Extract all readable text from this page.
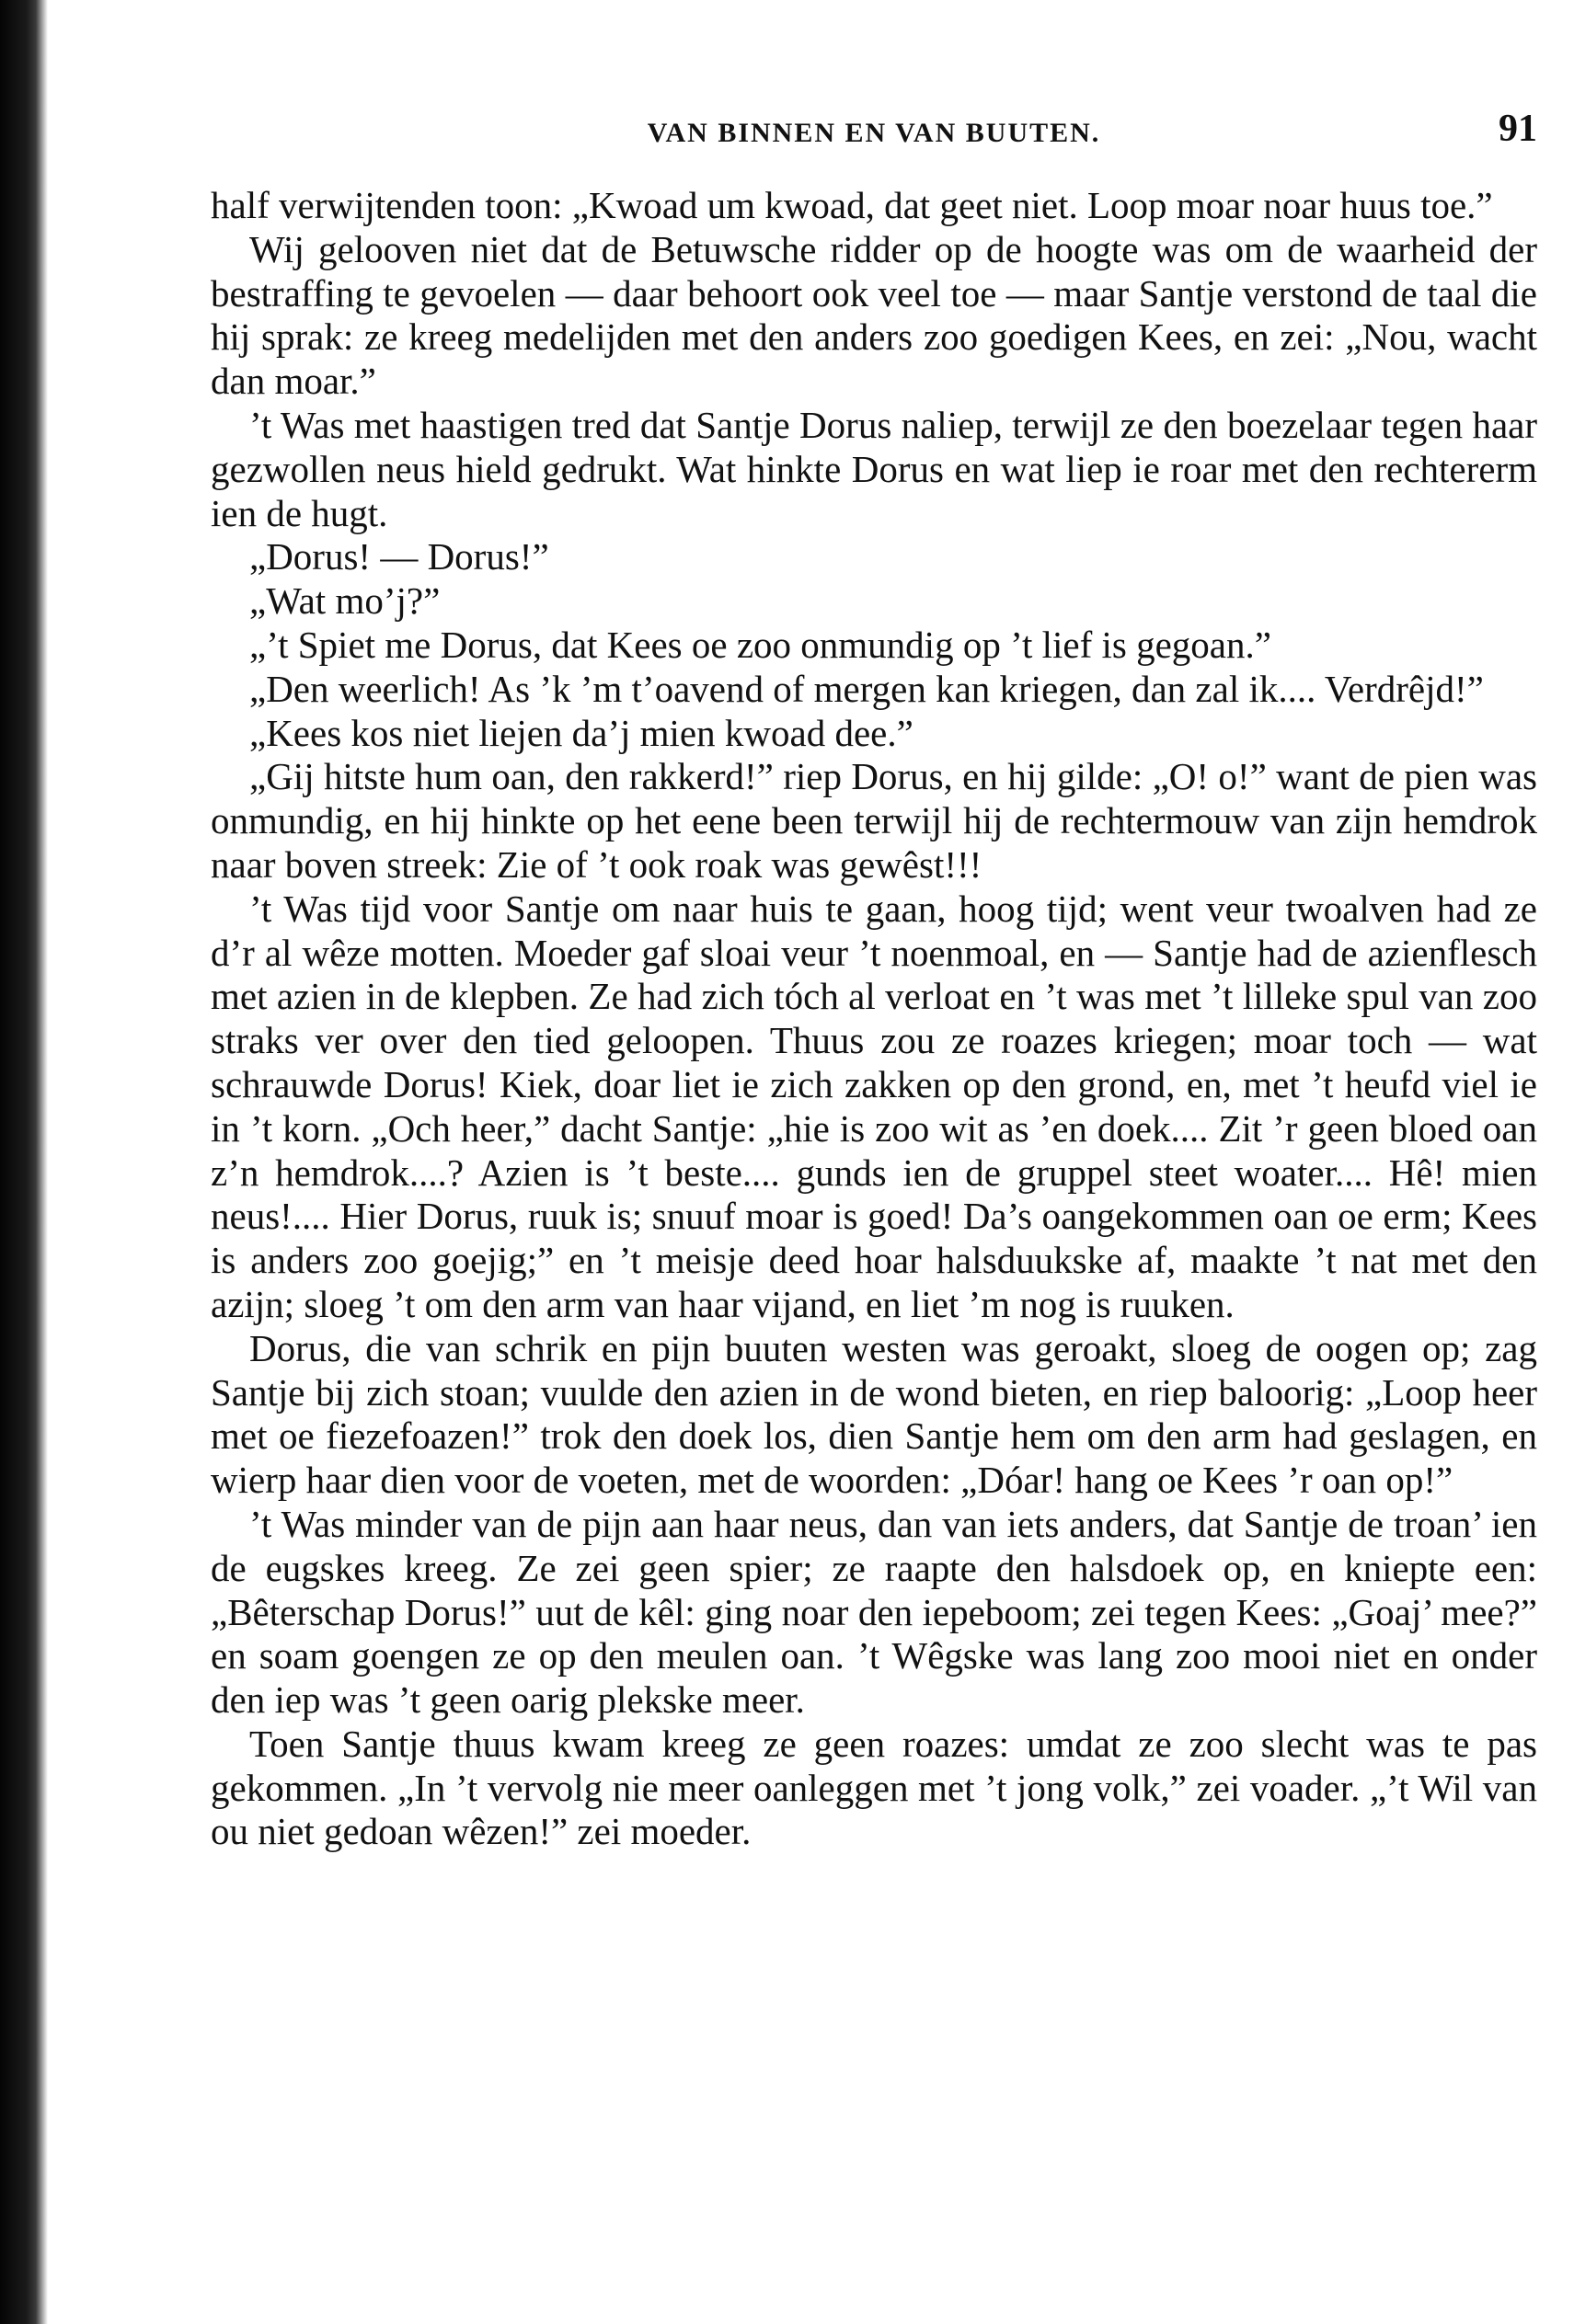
VAN BINNEN EN VAN BUUTEN.	91

half verwijtenden toon: „Kwoad um kwoad, dat geet niet. Loop moar noar huus toe.”

Wij gelooven niet dat de Betuwsche ridder op de hoogte was om de waarheid der bestraffing te gevoelen — daar behoort ook veel toe — maar Santje verstond de taal die hij sprak: ze kreeg medelijden met den anders zoo goedigen Kees, en zei: „Nou, wacht dan moar.”

’t Was met haastigen tred dat Santje Dorus naliep, terwijl ze den boezelaar tegen haar gezwollen neus hield gedrukt. Wat hinkte Dorus en wat liep ie roar met den rechtererm ien de hugt.

„Dorus! — Dorus!”

„Wat mo’j?”

„’t Spiet me Dorus, dat Kees oe zoo onmundig op ’t lief is gegoan.”

„Den weerlich! As ’k ’m t’oavend of mergen kan kriegen, dan zal ik.... Verdrêjd!”

„Kees kos niet liejen da’j mien kwoad dee.”

„Gij hitste hum oan, den rakkerd!” riep Dorus, en hij gilde: „O! o!” want de pien was onmundig, en hij hinkte op het eene been terwijl hij de rechtermouw van zijn hemdrok naar boven streek: Zie of ’t ook roak was gewêst!!!

’t Was tijd voor Santje om naar huis te gaan, hoog tijd; went veur twoalven had ze d’r al wêze motten. Moeder gaf sloai veur ’t noenmoal, en — Santje had de azienflesch met azien in de klepben. Ze had zich tóch al verloat en ’t was met ’t lilleke spul van zoo straks ver over den tied geloopen. Thuus zou ze roazes kriegen; moar toch — wat schrauwde Dorus! Kiek, doar liet ie zich zakken op den grond, en, met ’t heufd viel ie in ’t korn. „Och heer,” dacht Santje: „hie is zoo wit as ’en doek.... Zit ’r geen bloed oan z’n hemdrok....? Azien is ’t beste.... gunds ien de gruppel steet woater.... Hê! mien neus!.... Hier Dorus, ruuk is; snuuf moar is goed! Da’s oangekommen oan oe erm; Kees is anders zoo goejig;” en ’t meisje deed hoar halsduukske af, maakte ’t nat met den azijn; sloeg ’t om den arm van haar vijand, en liet ’m nog is ruuken.

Dorus, die van schrik en pijn buuten westen was geroakt, sloeg de oogen op; zag Santje bij zich stoan; vuulde den azien in de wond bieten, en riep baloorig: „Loop heer met oe fiezefoazen!” trok den doek los, dien Santje hem om den arm had geslagen, en wierp haar dien voor de voeten, met de woorden: „Dóar! hang oe Kees ’r oan op!”

’t Was minder van de pijn aan haar neus, dan van iets anders, dat Santje de troan’ ien de eugskes kreeg. Ze zei geen spier; ze raapte den halsdoek op, en kniepte een: „Bêterschap Dorus!” uut de kêl: ging noar den iepeboom; zei tegen Kees: „Goaj’ mee?” en soam goengen ze op den meulen oan. ’t Wêgske was lang zoo mooi niet en onder den iep was ’t geen oarig plekske meer.

Toen Santje thuus kwam kreeg ze geen roazes: umdat ze zoo slecht was te pas gekommen. „In ’t vervolg nie meer oanleggen met ’t jong volk,” zei voader. „’t Wil van ou niet gedoan wêzen!” zei moeder.
